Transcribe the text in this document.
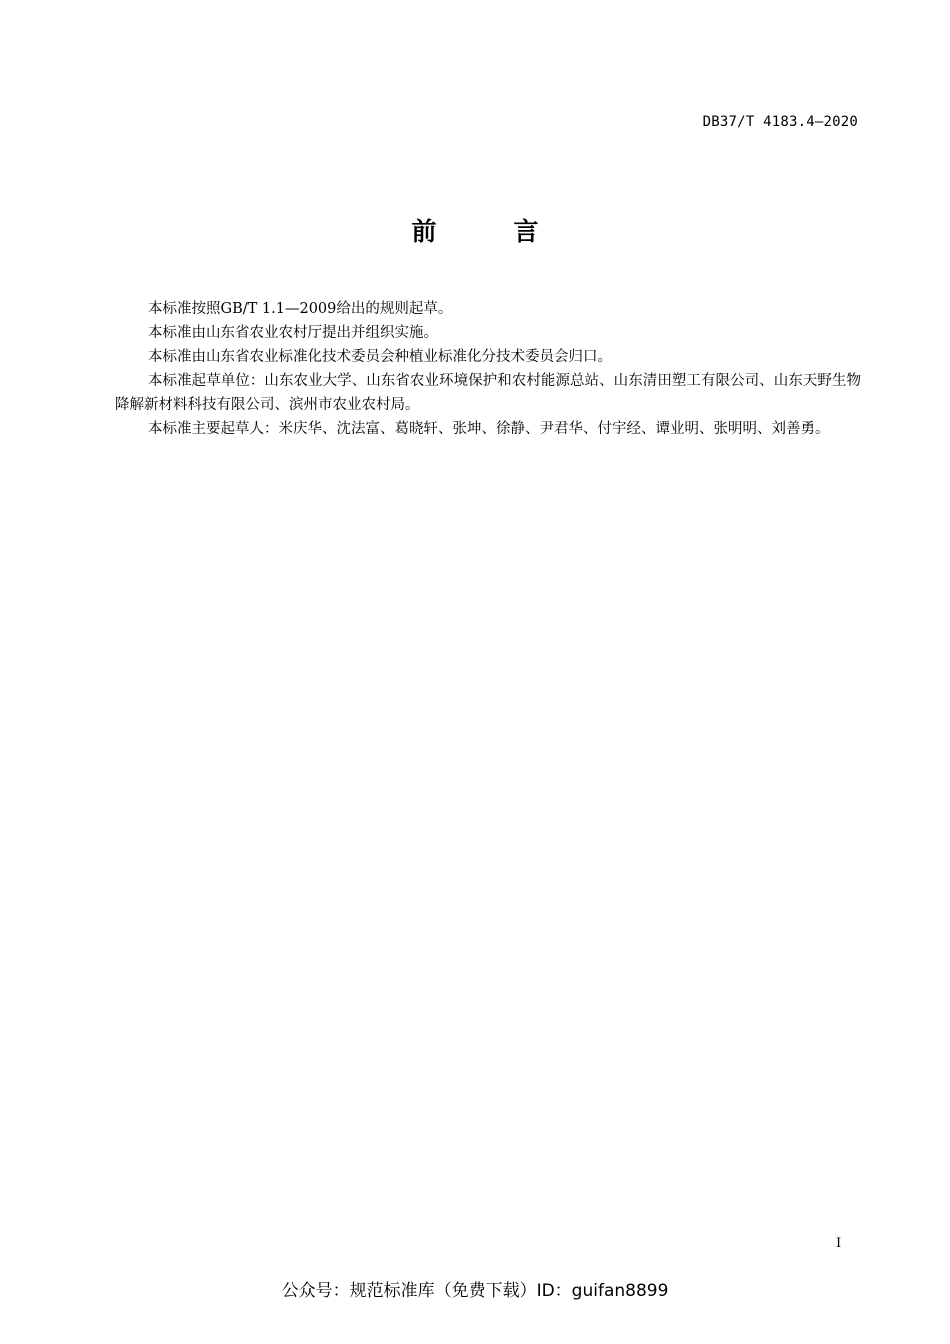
DB37/T 4183.4—2020
前　言

本标准按照GB/T 1.1—2009给出的规则起草。

本标准由山东省农业农村厅提出并组织实施。

本标准由山东省农业标准化技术委员会种植业标准化分技术委员会归口。

本标准起草单位：山东农业大学、山东省农业环境保护和农村能源总站、山东清田塑工有限公司、山东天野生物降解新材料科技有限公司、滨州市农业农村局。

本标准主要起草人：米庆华、沈法富、葛晓轩、张坤、徐静、尹君华、付宇经、谭业明、张明明、刘善勇。

I
公众号：规范标准库（免费下载）ID：guifan8899
